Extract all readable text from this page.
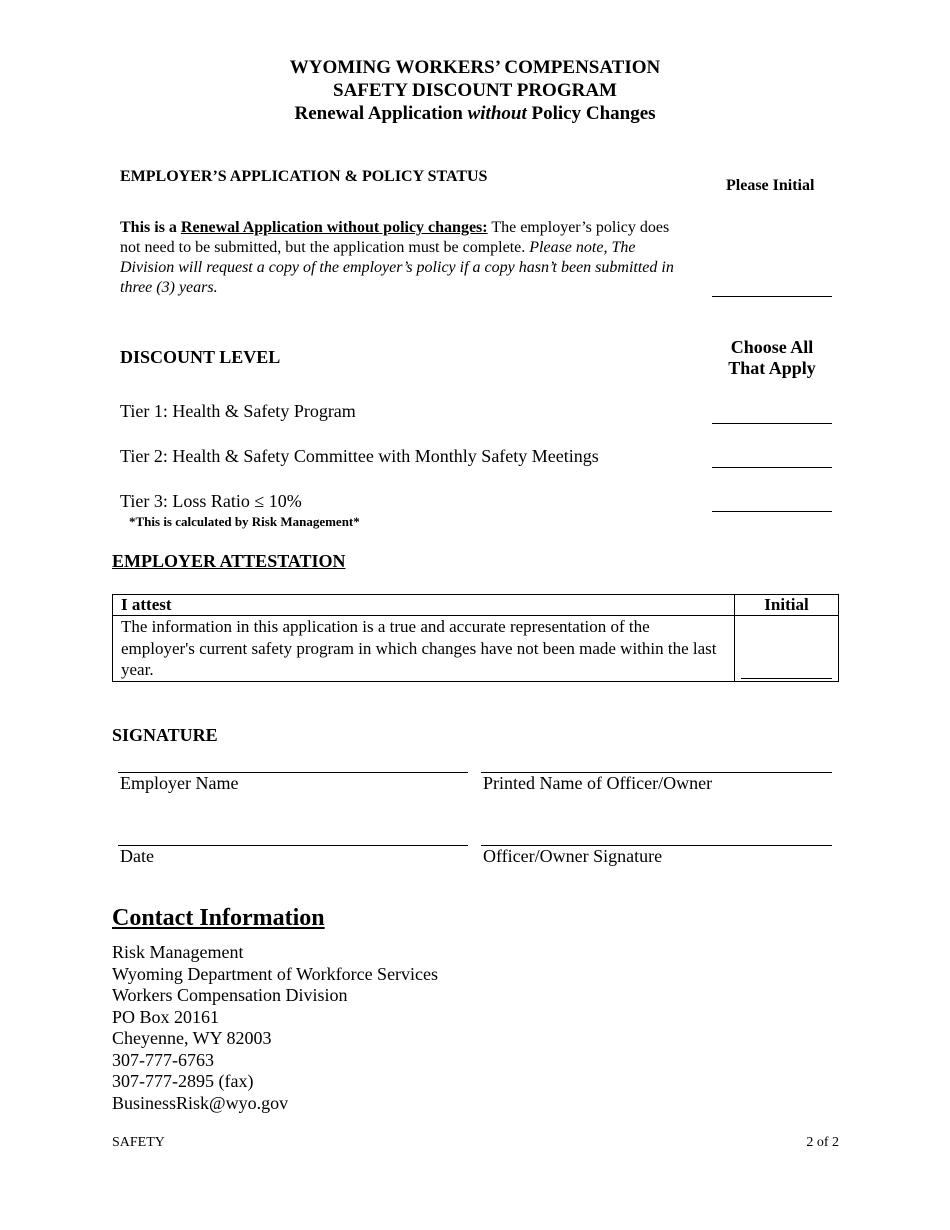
WYOMING WORKERS’ COMPENSATION
SAFETY DISCOUNT PROGRAM
Renewal Application without Policy Changes
EMPLOYER’S APPLICATION & POLICY STATUS
Please Initial
This is a Renewal Application without policy changes: The employer’s policy does not need to be submitted, but the application must be complete. Please note, The Division will request a copy of the employer’s policy if a copy hasn’t been submitted in three (3) years.
DISCOUNT LEVEL	Choose All
That Apply
Tier 1: Health & Safety Program
Tier 2: Health & Safety Committee with Monthly Safety Meetings
Tier 3: Loss Ratio ≤ 10%
*This is calculated by Risk Management*
EMPLOYER ATTESTATION
I attest	Initial
The information in this application is a true and accurate representation of the employer's current safety program in which changes have not been made within the last year.	
SIGNATURE
Employer Name	Printed Name of Officer/Owner
Date	Officer/Owner Signature
Contact Information
Risk Management
Wyoming Department of Workforce Services
Workers Compensation Division
PO Box 20161
Cheyenne, WY 82003
307-777-6763
307-777-2895 (fax)
BusinessRisk@wyo.gov
SAFETY	2 of 2
